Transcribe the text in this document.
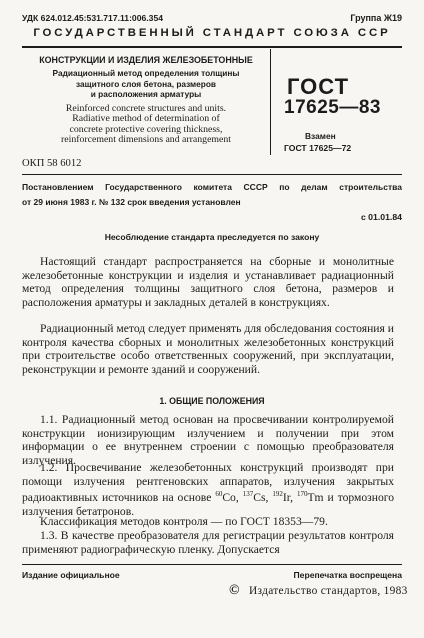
УДК 624.012.45:531.717.11:006.354	Группа Ж19
ГОСУДАРСТВЕННЫЙ СТАНДАРТ СОЮЗА ССР
КОНСТРУКЦИИ И ИЗДЕЛИЯ ЖЕЛЕЗОБЕТОННЫЕ
Радиационный метод определения толщины
защитного слоя бетона, размеров
и расположения арматуры
Reinforced concrete structures and units.
Radiative method of determination of
concrete protective covering thickness,
reinforcement dimensions and arrangement
ОКП 58 6012
ГОСТ
17625—83
Взамен
ГОСТ 17625—72
Постановлением Государственного комитета СССР по делам строительства
от 29 июня 1983 г. № 132 срок введения установлен
с 01.01.84
Несоблюдение стандарта преследуется по закону
Настоящий стандарт распространяется на сборные и монолитные железобетонные конструкции и изделия и устанавливает радиационный метод определения толщины защитного слоя бетона, размеров и расположения арматуры и закладных деталей в конструкциях.
Радиационный метод следует применять для обследования состояния и контроля качества сборных и монолитных железобетонных конструкций при строительстве особо ответственных сооружений, при эксплуатации, реконструкции и ремонте зданий и сооружений.
1. ОБЩИЕ ПОЛОЖЕНИЯ
1.1. Радиационный метод основан на просвечивании контролируемой конструкции ионизирующим излучением и получении при этом информации о ее внутреннем строении с помощью преобразователя излучения.
1.2. Просвечивание железобетонных конструкций производят при помощи излучения рентгеновских аппаратов, излучения закрытых радиоактивных источников на основе $^{60}$Co, $^{137}$Cs, $^{192}$Ir, $^{170}$Tm и тормозного излучения бетатронов.
Классификация методов контроля — по ГОСТ 18353—79.
1.3. В качестве преобразователя для регистрации результатов контроля применяют радиографическую пленку. Допускается
Издание официальное	Перепечатка воспрещена
© Издательство стандартов, 1983
